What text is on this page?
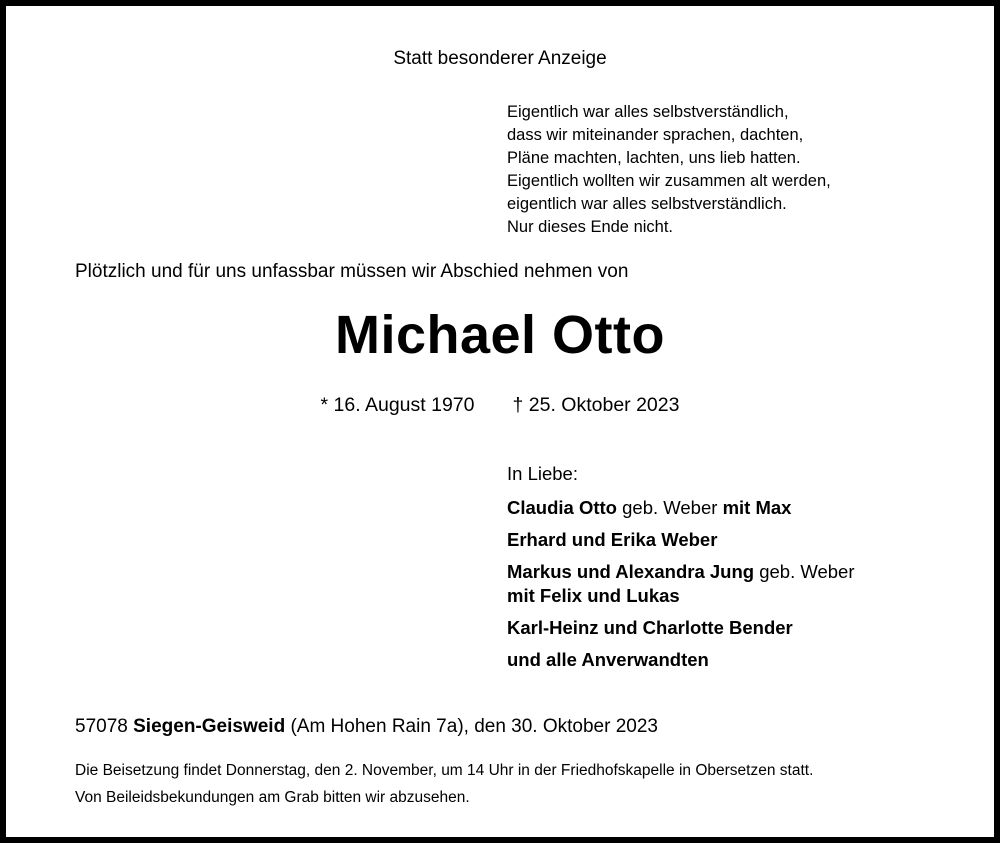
Statt besonderer Anzeige
Eigentlich war alles selbstverständlich,
dass wir miteinander sprachen, dachten,
Pläne machten, lachten, uns lieb hatten.
Eigentlich wollten wir zusammen alt werden,
eigentlich war alles selbstverständlich.
Nur dieses Ende nicht.
Plötzlich und für uns unfassbar müssen wir Abschied nehmen von
Michael Otto
* 16. August 1970 † 25. Oktober 2023
In Liebe:
Claudia Otto geb. Weber mit Max
Erhard und Erika Weber
Markus und Alexandra Jung geb. Weber
mit Felix und Lukas
Karl-Heinz und Charlotte Bender
und alle Anverwandten
57078 Siegen-Geisweid (Am Hohen Rain 7a), den 30. Oktober 2023
Die Beisetzung findet Donnerstag, den 2. November, um 14 Uhr in der Friedhofskapelle in Obersetzen statt.
Von Beileidsbekundungen am Grab bitten wir abzusehen.
